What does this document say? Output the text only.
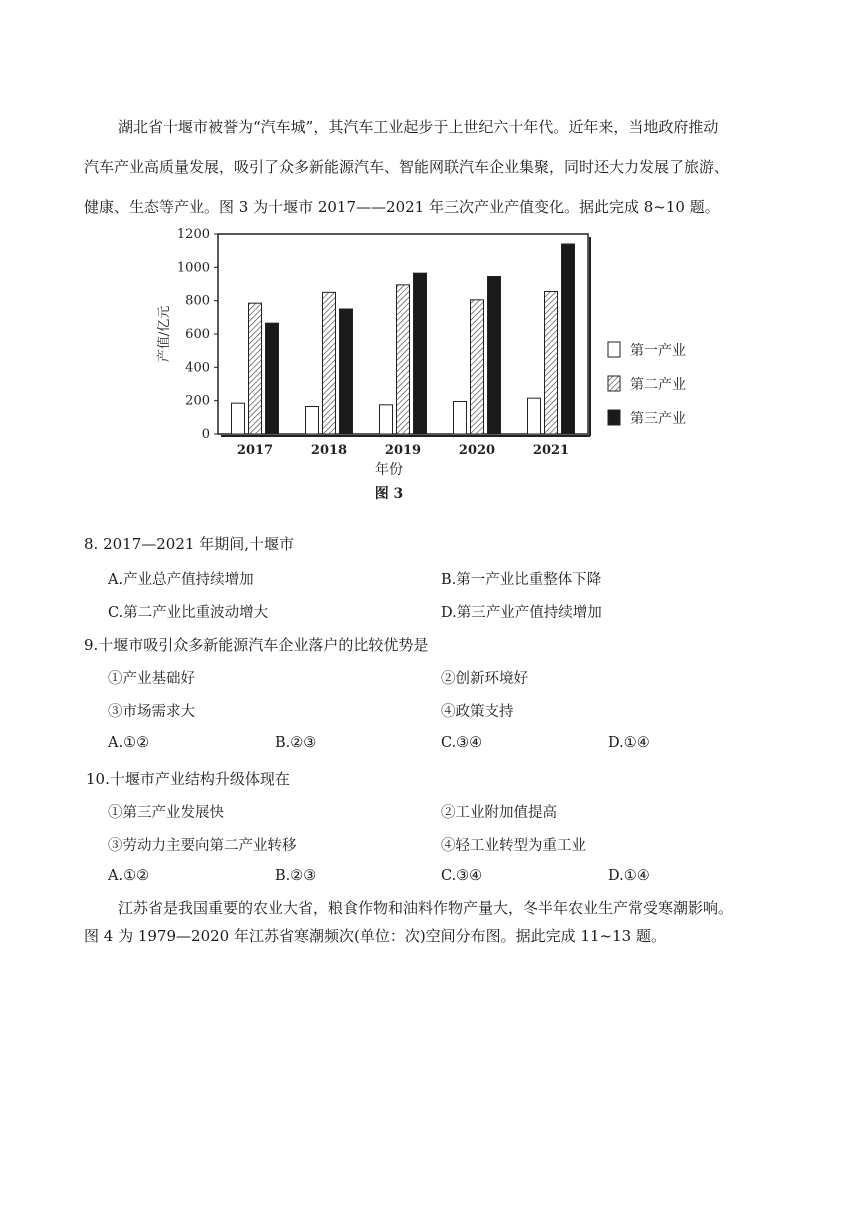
湖北省十堰市被誉为“汽车城”，其汽车工业起步于上世纪六十年代。近年来，当地政府推动
汽车产业高质量发展，吸引了众多新能源汽车、智能网联汽车企业集聚，同时还大力发展了旅游、
健康、生态等产业。图 3 为十堰市 2017——2021 年三次产业产值变化。据此完成 8~10 题。
0
200
400
600
800
1000
1200
产值/亿元
2017	2018	2019	2020	2021
年份
图 3
第一产业
第二产业
第三产业
8. 2017—2021 年期间,十堰市
A.产业总产值持续增加	B.第一产业比重整体下降
C.第二产业比重波动增大	D.第三产业产值持续增加
9.十堰市吸引众多新能源汽车企业落户的比较优势是
①产业基础好	②创新环境好
③市场需求大	④政策支持
A.①②	B.②③	C.③④	D.①④
10.十堰市产业结构升级体现在
①第三产业发展快	②工业附加值提高
③劳动力主要向第二产业转移	④轻工业转型为重工业
A.①②	B.②③	C.③④	D.①④
江苏省是我国重要的农业大省，粮食作物和油料作物产量大，冬半年农业生产常受寒潮影响。
图 4 为 1979—2020 年江苏省寒潮频次(单位：次)空间分布图。据此完成 11~13 题。
